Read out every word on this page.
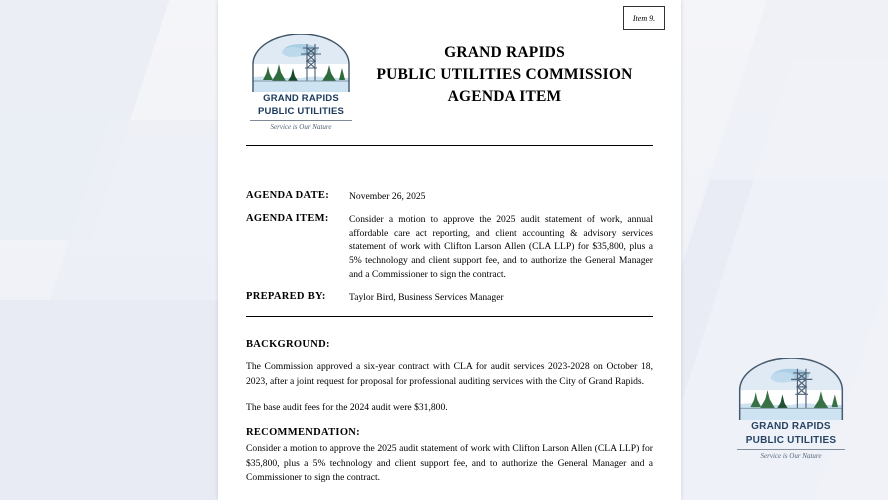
Item 9.
GRAND RAPIDS
PUBLIC UTILITIES
Service is Our Nature
GRAND RAPIDS
PUBLIC UTILITIES COMMISSION
AGENDA ITEM
AGENDA DATE:	November 26, 2025
AGENDA ITEM:	Consider a motion to approve the 2025 audit statement of work, annual affordable care act reporting, and client accounting & advisory services statement of work with Clifton Larson Allen (CLA LLP) for $35,800, plus a 5% technology and client support fee, and to authorize the General Manager and a Commissioner to sign the contract.
PREPARED BY:	Taylor Bird, Business Services Manager
BACKGROUND:
The Commission approved a six-year contract with CLA for audit services 2023-2028 on October 18, 2023, after a joint request for proposal for professional auditing services with the City of Grand Rapids.
The base audit fees for the 2024 audit were $31,800.
RECOMMENDATION:
Consider a motion to approve the 2025 audit statement of work with Clifton Larson Allen (CLA LLP) for $35,800, plus a 5% technology and client support fee, and to authorize the General Manager and a Commissioner to sign the contract.
GRAND RAPIDS
PUBLIC UTILITIES
Service is Our Nature
